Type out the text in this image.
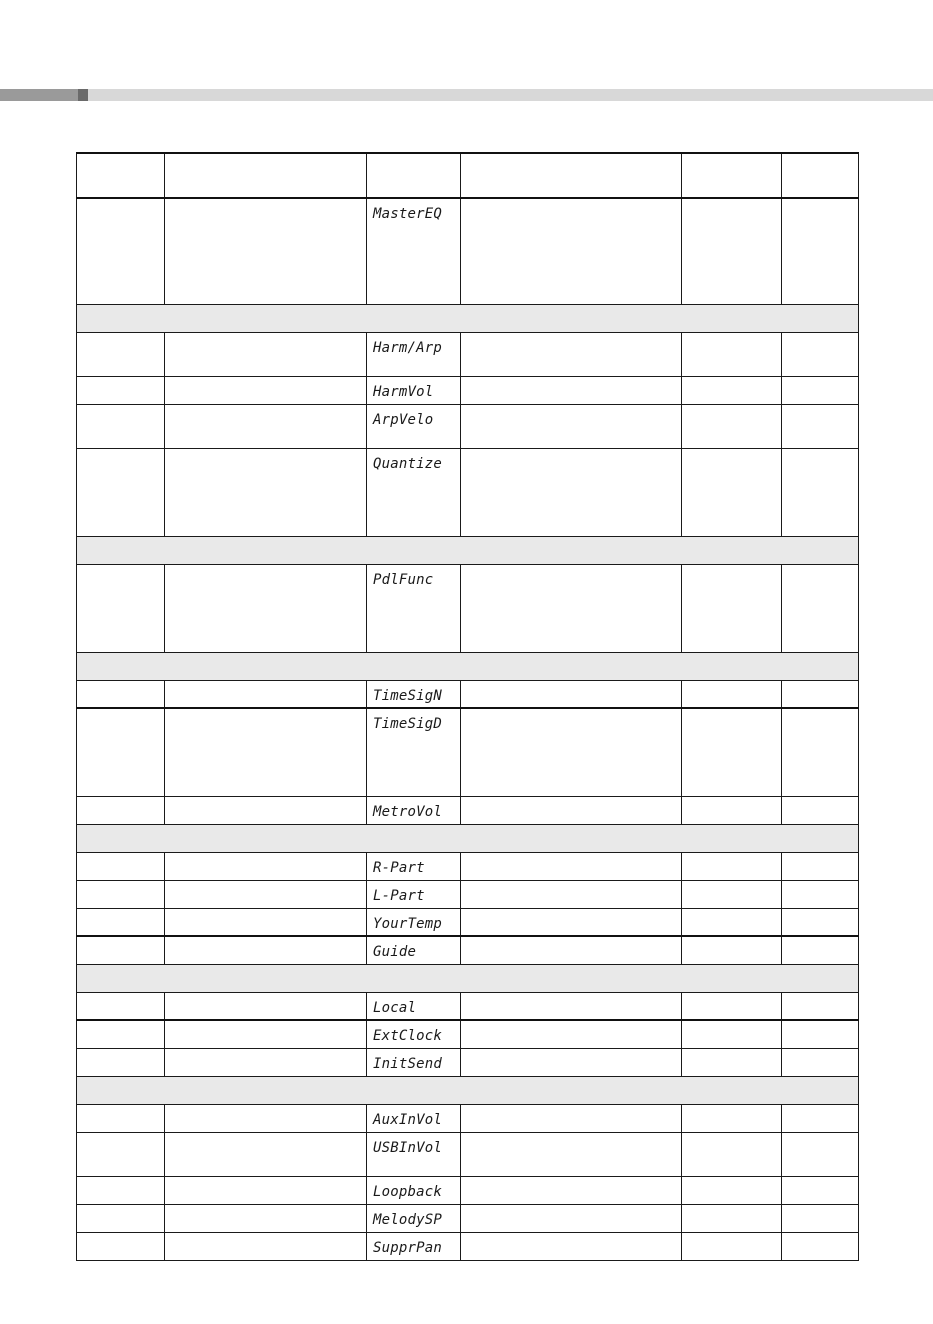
		MasterEQ			

		Harm/Arp			
		HarmVol			
		ArpVelo			
		Quantize			

		PdlFunc			

		TimeSigN			
		TimeSigD			
		MetroVol			

		R-Part			
		L-Part			
		YourTemp			
		Guide			

		Local			
		ExtClock			
		InitSend			

		AuxInVol			
		USBInVol			
		Loopback			
		MelodySP			
		SupprPan			
